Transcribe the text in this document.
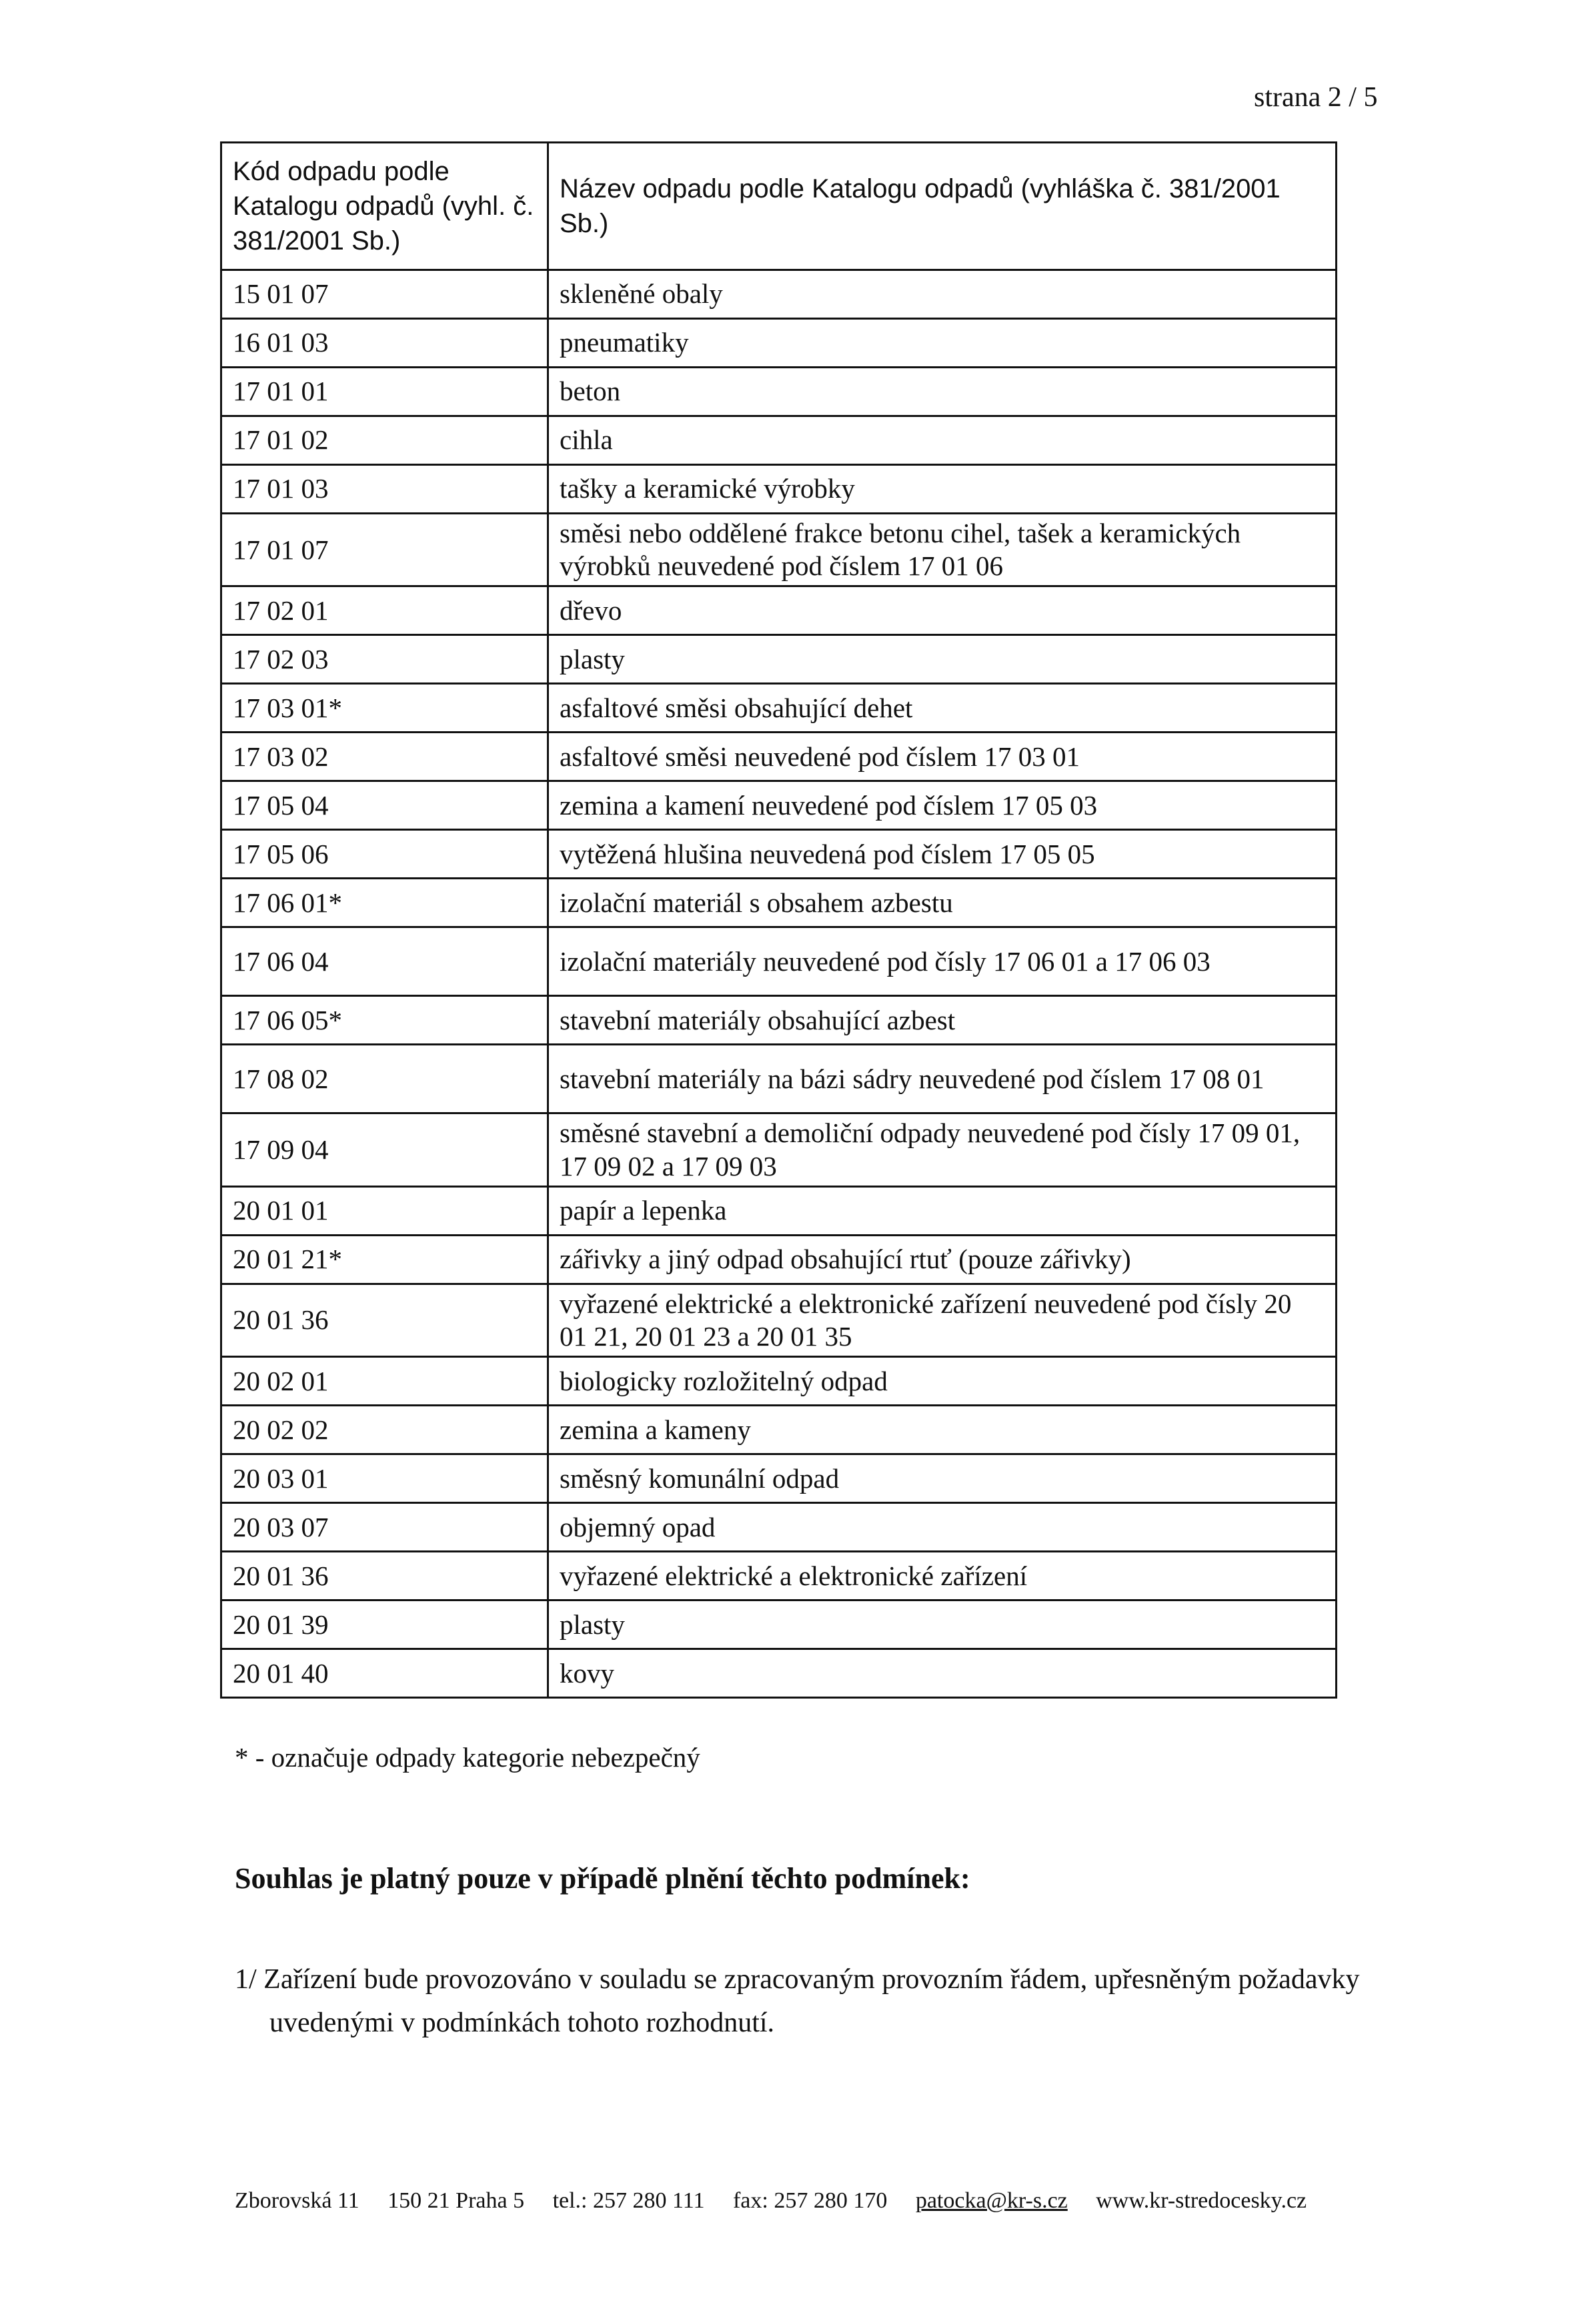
strana 2 / 5
Kód odpadu podle Katalogu odpadů (vyhl. č. 381/2001 Sb.)	Název odpadu podle Katalogu odpadů (vyhláška č. 381/2001 Sb.)
15 01 07	skleněné obaly
16 01 03	pneumatiky
17 01 01	beton
17 01 02	cihla
17 01 03	tašky a keramické výrobky
17 01 07	směsi nebo oddělené frakce betonu cihel, tašek a keramických výrobků neuvedené pod číslem 17 01 06
17 02 01	dřevo
17 02 03	plasty
17 03 01*	asfaltové směsi obsahující dehet
17 03 02	asfaltové směsi neuvedené pod číslem 17 03 01
17 05 04	zemina a kamení neuvedené pod číslem 17 05 03
17 05 06	vytěžená hlušina neuvedená pod číslem 17 05 05
17 06 01*	izolační materiál s obsahem azbestu
17 06 04	izolační materiály neuvedené pod čísly 17 06 01 a 17 06 03
17 06 05*	stavební materiály obsahující azbest
17 08 02	stavební materiály na bázi sádry neuvedené pod číslem 17 08 01
17 09 04	směsné stavební a demoliční odpady neuvedené pod čísly 17 09 01, 17 09 02 a 17 09 03
20 01 01	papír a lepenka
20 01 21*	zářivky a jiný odpad obsahující rtuť (pouze zářivky)
20 01 36	vyřazené elektrické a elektronické zařízení neuvedené pod čísly 20 01 21, 20 01 23 a 20 01 35
20 02 01	biologicky rozložitelný odpad
20 02 02	zemina a kameny
20 03 01	směsný komunální odpad
20 03 07	objemný opad
20 01 36	vyřazené elektrické a elektronické zařízení
20 01 39	plasty
20 01 40	kovy
* - označuje odpady kategorie nebezpečný
Souhlas je platný pouze v případě plnění těchto podmínek:
1/ Zařízení bude provozováno v souladu se zpracovaným provozním řádem, upřesněným požadavky uvedenými v podmínkách tohoto rozhodnutí.
Zborovská 11 150 21 Praha 5 tel.: 257 280 111 fax: 257 280 170 patocka@kr-s.cz www.kr-stredocesky.cz
